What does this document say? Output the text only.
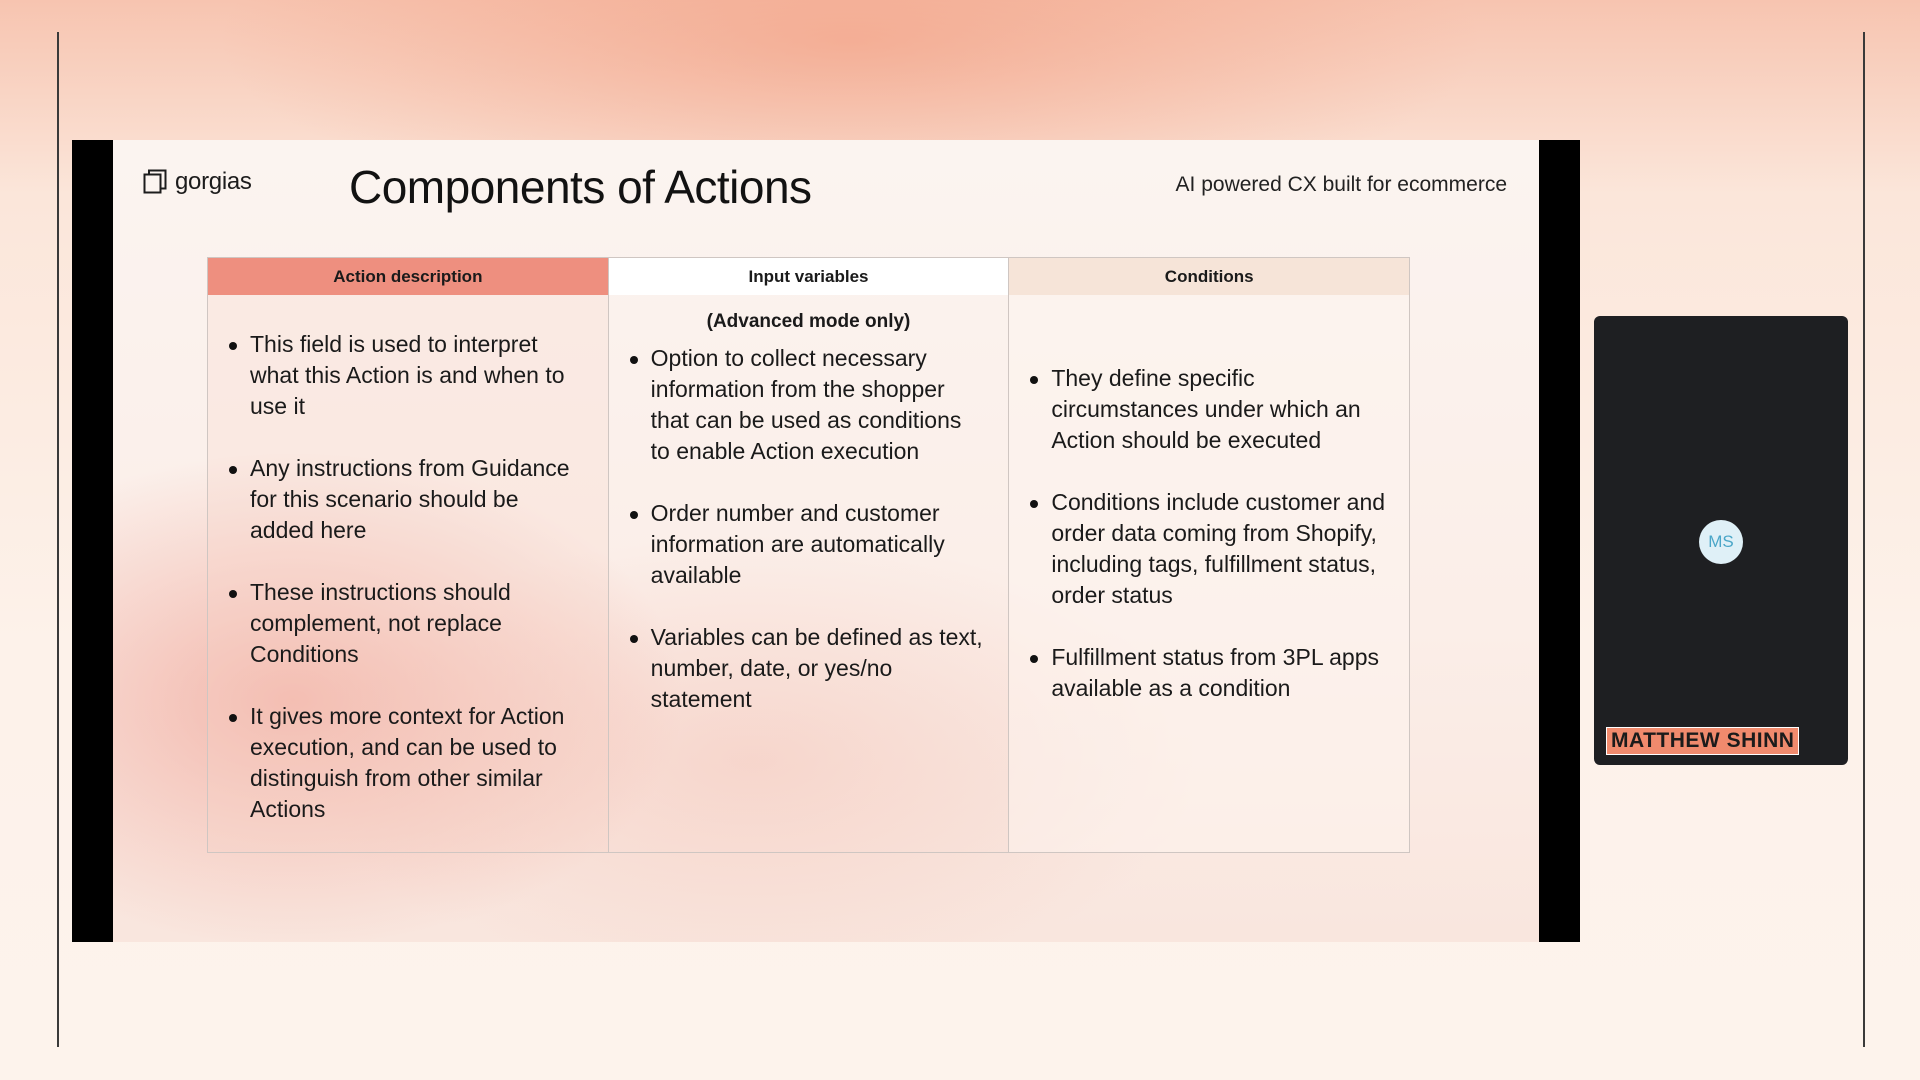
gorgias Components of Actions	AI powered CX built for ecommerce
Action description
This field is used to interpret what this Action is and when to use it
Any instructions from Guidance for this scenario should be added here
These instructions should complement, not replace Conditions
It gives more context for Action execution, and can be used to distinguish from other similar Actions
Input variables
(Advanced mode only)
Option to collect necessary information from the shopper that can be used as conditions to enable Action execution
Order number and customer information are automatically available
Variables can be defined as text, number, date, or yes/no statement
Conditions
They define specific circumstances under which an Action should be executed
Conditions include customer and order data coming from Shopify, including tags, fulfillment status, order status
Fulfillment status from 3PL apps available as a condition
MS
MATTHEW SHINN
